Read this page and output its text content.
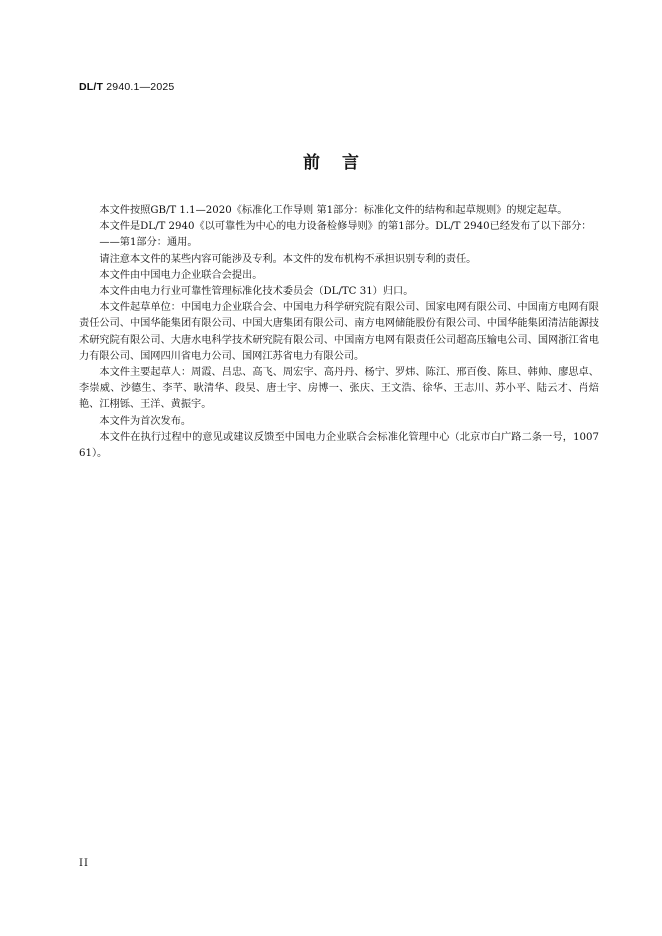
DL/T 2940.1—2025
前言

本文件按照GB/T 1.1—2020《标准化工作导则 第1部分：标准化文件的结构和起草规则》的规定起草。

本文件是DL/T 2940《以可靠性为中心的电力设备检修导则》的第1部分。DL/T 2940已经发布了以下部分：

——第1部分：通用。

请注意本文件的某些内容可能涉及专利。本文件的发布机构不承担识别专利的责任。

本文件由中国电力企业联合会提出。

本文件由电力行业可靠性管理标准化技术委员会（DL/TC 31）归口。

本文件起草单位：中国电力企业联合会、中国电力科学研究院有限公司、国家电网有限公司、中国南方电网有限责任公司、中国华能集团有限公司、中国大唐集团有限公司、南方电网储能股份有限公司、中国华能集团清洁能源技术研究院有限公司、大唐水电科学技术研究院有限公司、中国南方电网有限责任公司超高压输电公司、国网浙江省电力有限公司、国网四川省电力公司、国网江苏省电力有限公司。

本文件主要起草人：周霞、吕忠、高飞、周宏宇、高丹丹、杨宁、罗炜、陈江、邢百俊、陈旦、韩帅、廖思卓、李崇威、沙德生、李芊、耿清华、段昊、唐士宇、房博一、张庆、王文浩、徐华、王志川、苏小平、陆云才、肖焙艳、江栩铄、王洋、黄振宇。

本文件为首次发布。

本文件在执行过程中的意见或建议反馈至中国电力企业联合会标准化管理中心（北京市白广路二条一号，100761）。

II
